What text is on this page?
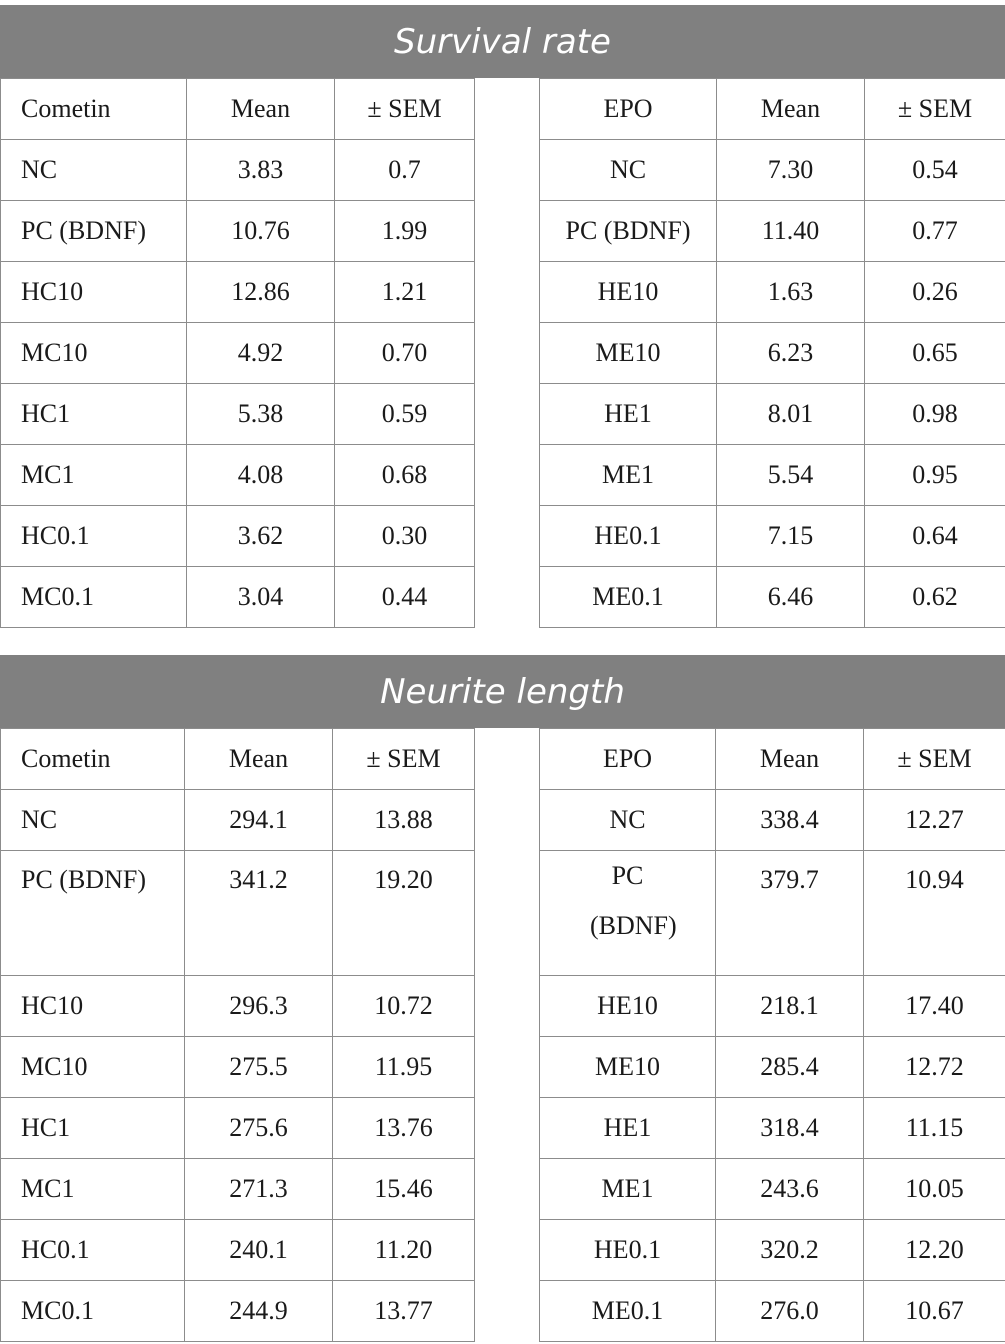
Survival rate
Cometin	Mean	± SEM		EPO	Mean	± SEM
NC	3.83	0.7		NC	7.30	0.54
PC (BDNF)	10.76	1.99		PC (BDNF)	11.40	0.77
HC10	12.86	1.21		HE10	1.63	0.26
MC10	4.92	0.70		ME10	6.23	0.65
HC1	5.38	0.59		HE1	8.01	0.98
MC1	4.08	0.68		ME1	5.54	0.95
HC0.1	3.62	0.30		HE0.1	7.15	0.64
MC0.1	3.04	0.44		ME0.1	6.46	0.62
Neurite length
Cometin	Mean	± SEM		EPO	Mean	± SEM
NC	294.1	13.88		NC	338.4	12.27
PC (BDNF)	341.2	19.20		PC (BDNF)	379.7	10.94
HC10	296.3	10.72		HE10	218.1	17.40
MC10	275.5	11.95		ME10	285.4	12.72
HC1	275.6	13.76		HE1	318.4	11.15
MC1	271.3	15.46		ME1	243.6	10.05
HC0.1	240.1	11.20		HE0.1	320.2	12.20
MC0.1	244.9	13.77		ME0.1	276.0	10.67
